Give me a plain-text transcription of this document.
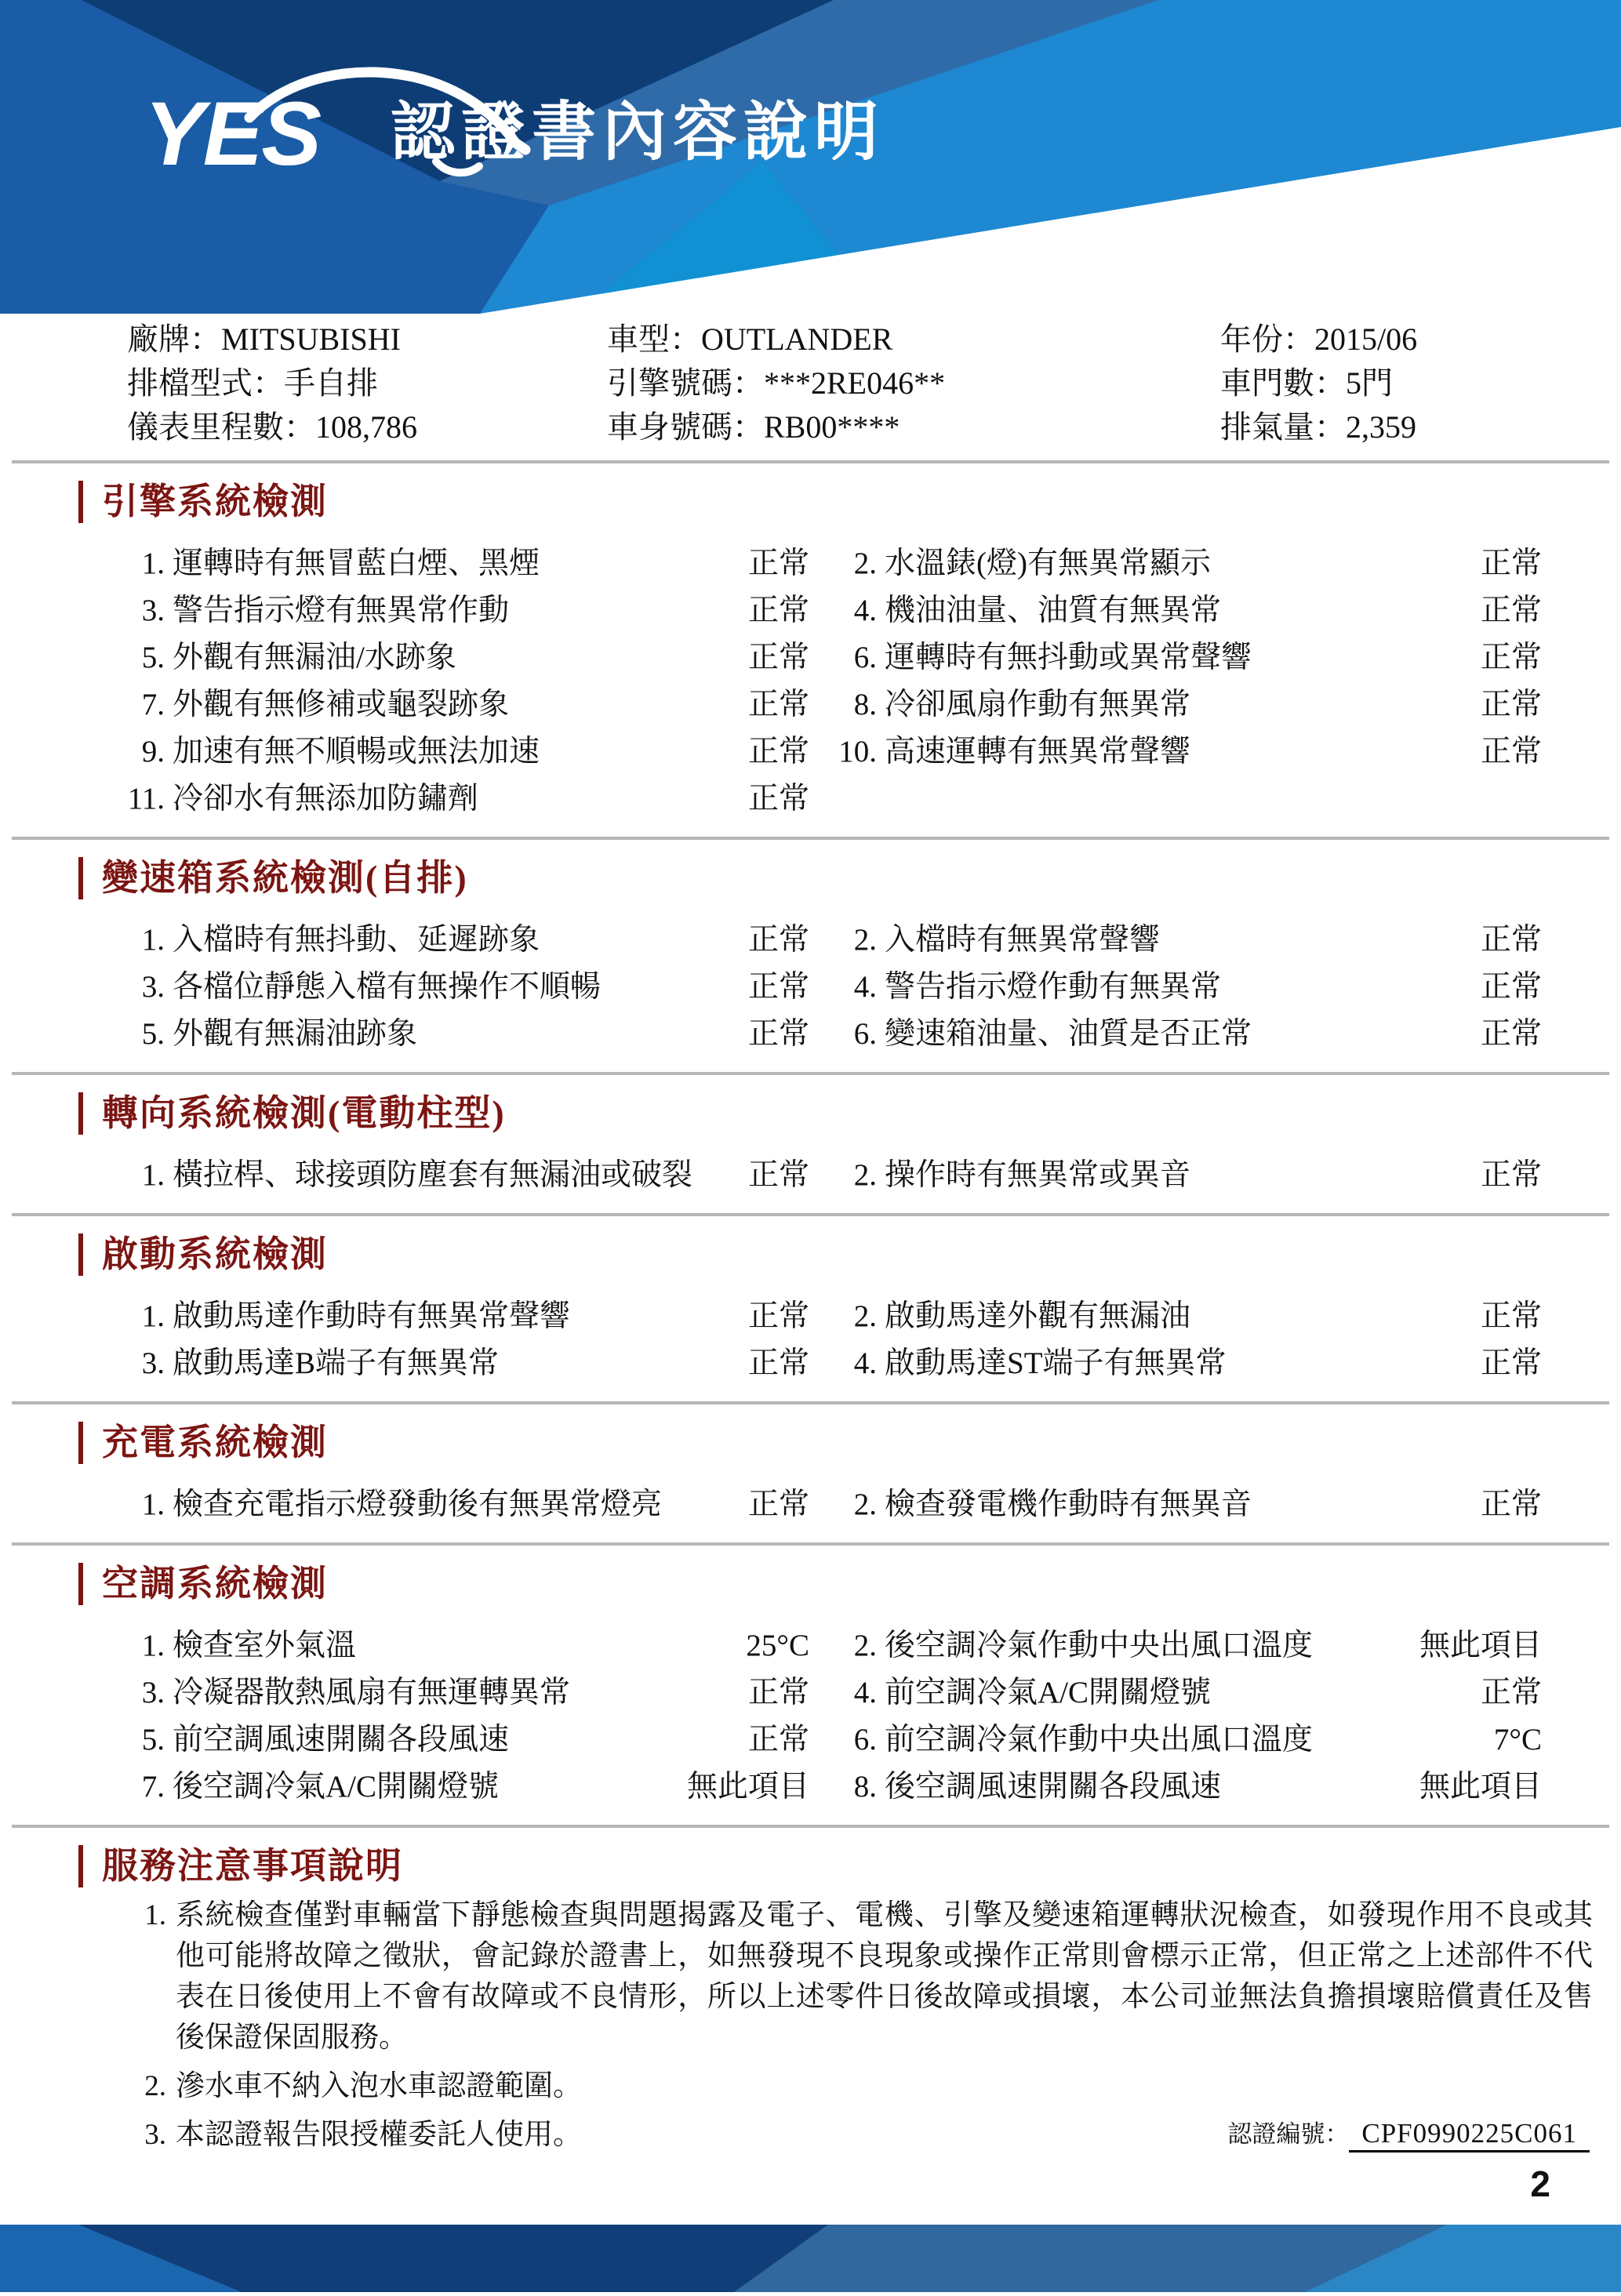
YES 認證書內容說明
廠牌：MITSUBISHI
排檔型式：手自排
儀表里程數：108,786
車型：OUTLANDER
引擎號碼：***2RE046**
車身號碼：RB00****
年份：2015/06
車門數：5門
排氣量：2,359
引擎系統檢測
1. 運轉時有無冒藍白煙、黑煙	正常	2. 水溫錶(燈)有無異常顯示	正常
3. 警告指示燈有無異常作動	正常	4. 機油油量、油質有無異常	正常
5. 外觀有無漏油/水跡象	正常	6. 運轉時有無抖動或異常聲響	正常
7. 外觀有無修補或龜裂跡象	正常	8. 冷卻風扇作動有無異常	正常
9. 加速有無不順暢或無法加速	正常 10. 高速運轉有無異常聲響	正常
11. 冷卻水有無添加防鏽劑	正常
變速箱系統檢測(自排)
1. 入檔時有無抖動、延遲跡象	正常	2. 入檔時有無異常聲響	正常
3. 各檔位靜態入檔有無操作不順暢	正常	4. 警告指示燈作動有無異常	正常
5. 外觀有無漏油跡象	正常	6. 變速箱油量、油質是否正常	正常
轉向系統檢測(電動柱型)
1. 橫拉桿、球接頭防塵套有無漏油或破裂	正常	2. 操作時有無異常或異音	正常
啟動系統檢測
1. 啟動馬達作動時有無異常聲響	正常	2. 啟動馬達外觀有無漏油	正常
3. 啟動馬達B端子有無異常	正常	4. 啟動馬達ST端子有無異常	正常
充電系統檢測
1. 檢查充電指示燈發動後有無異常燈亮	正常	2. 檢查發電機作動時有無異音	正常
空調系統檢測
1. 檢查室外氣溫	25°C	2. 後空調冷氣作動中央出風口溫度	無此項目
3. 冷凝器散熱風扇有無運轉異常	正常	4. 前空調冷氣A/C開關燈號	正常
5. 前空調風速開關各段風速	正常	6. 前空調冷氣作動中央出風口溫度	7°C
7. 後空調冷氣A/C開關燈號	無此項目	8. 後空調風速開關各段風速	無此項目
服務注意事項說明
1. 系統檢查僅對車輛當下靜態檢查與問題揭露及電子、電機、引擎及變速箱運轉狀況檢查，如發現作用不良或其他可能將故障之徵狀，會記錄於證書上，如無發現不良現象或操作正常則會標示正常，但正常之上述部件不代表在日後使用上不會有故障或不良情形，所以上述零件日後故障或損壞，本公司並無法負擔損壞賠償責任及售後保證保固服務。
2. 滲水車不納入泡水車認證範圍。
3. 本認證報告限授權委託人使用。	認證編號： CPF0990225C061
2
